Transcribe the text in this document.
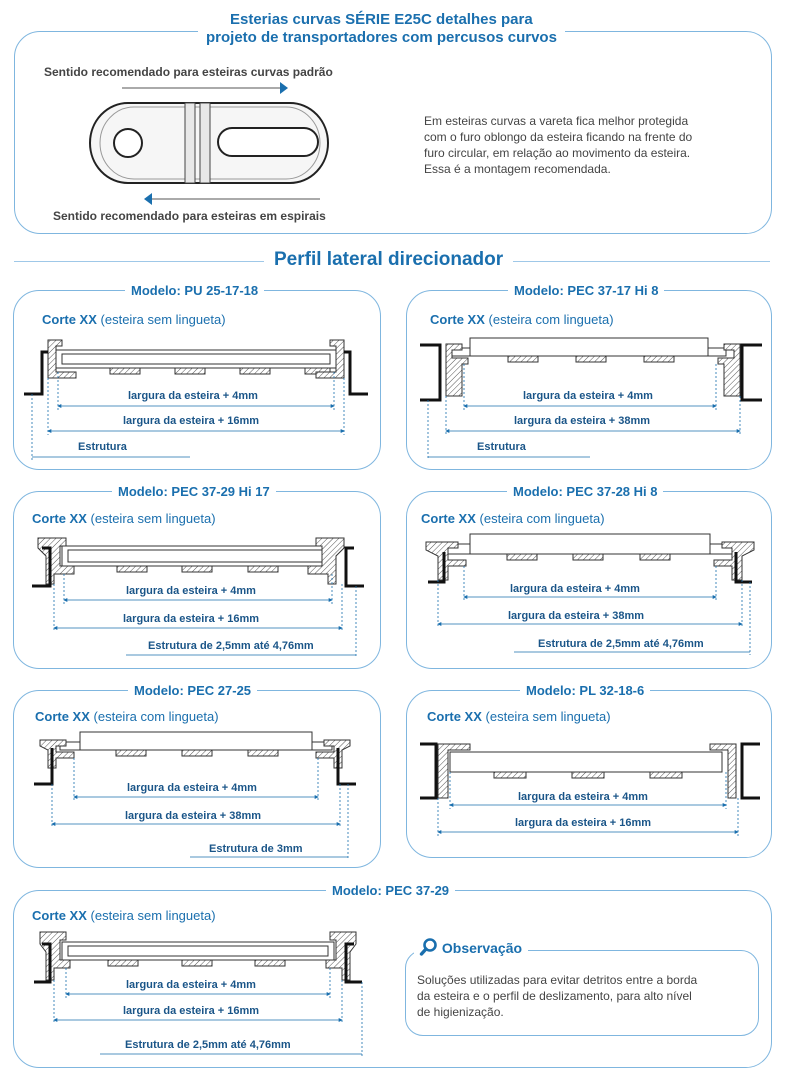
Esterias curvas SÉRIE E25C detalhes para
projeto de transportadores com percusos curvos
Sentido recomendado para esteiras curvas padrão
Sentido recomendado para esteiras em espirais
Em esteiras curvas a vareta fica melhor protegida
com o furo oblongo da esteira ficando na frente do
furo circular, em relação ao movimento da esteira.
Essa é a montagem recomendada.
Perfil lateral direcionador
Modelo: PU 25-17-18
Corte XX (esteira sem lingueta)
largura da esteira + 4mm
largura da esteira + 16mm
Estrutura
Modelo: PEC 37-17 Hi 8
Corte XX (esteira com lingueta)
largura da esteira + 4mm
largura da esteira + 38mm
Estrutura
Modelo: PEC 37-29 Hi 17
Corte XX (esteira sem lingueta)
largura da esteira + 4mm
largura da esteira + 16mm
Estrutura de 2,5mm até 4,76mm
Modelo: PEC 37-28 Hi 8
Corte XX (esteira com lingueta)
largura da esteira + 4mm
largura da esteira + 38mm
Estrutura de 2,5mm até 4,76mm
Modelo: PEC 27-25
Corte XX (esteira com lingueta)
largura da esteira + 4mm
largura da esteira + 38mm
Estrutura de 3mm
Modelo: PL 32-18-6
Corte XX (esteira sem lingueta)
largura da esteira + 4mm
largura da esteira + 16mm
Modelo: PEC 37-29
Corte XX (esteira sem lingueta)
largura da esteira + 4mm
largura da esteira + 16mm
Estrutura de 2,5mm até 4,76mm
Observação
Soluções utilizadas para evitar detritos entre a borda
da esteira e o perfil de deslizamento, para alto nível
de higienização.
